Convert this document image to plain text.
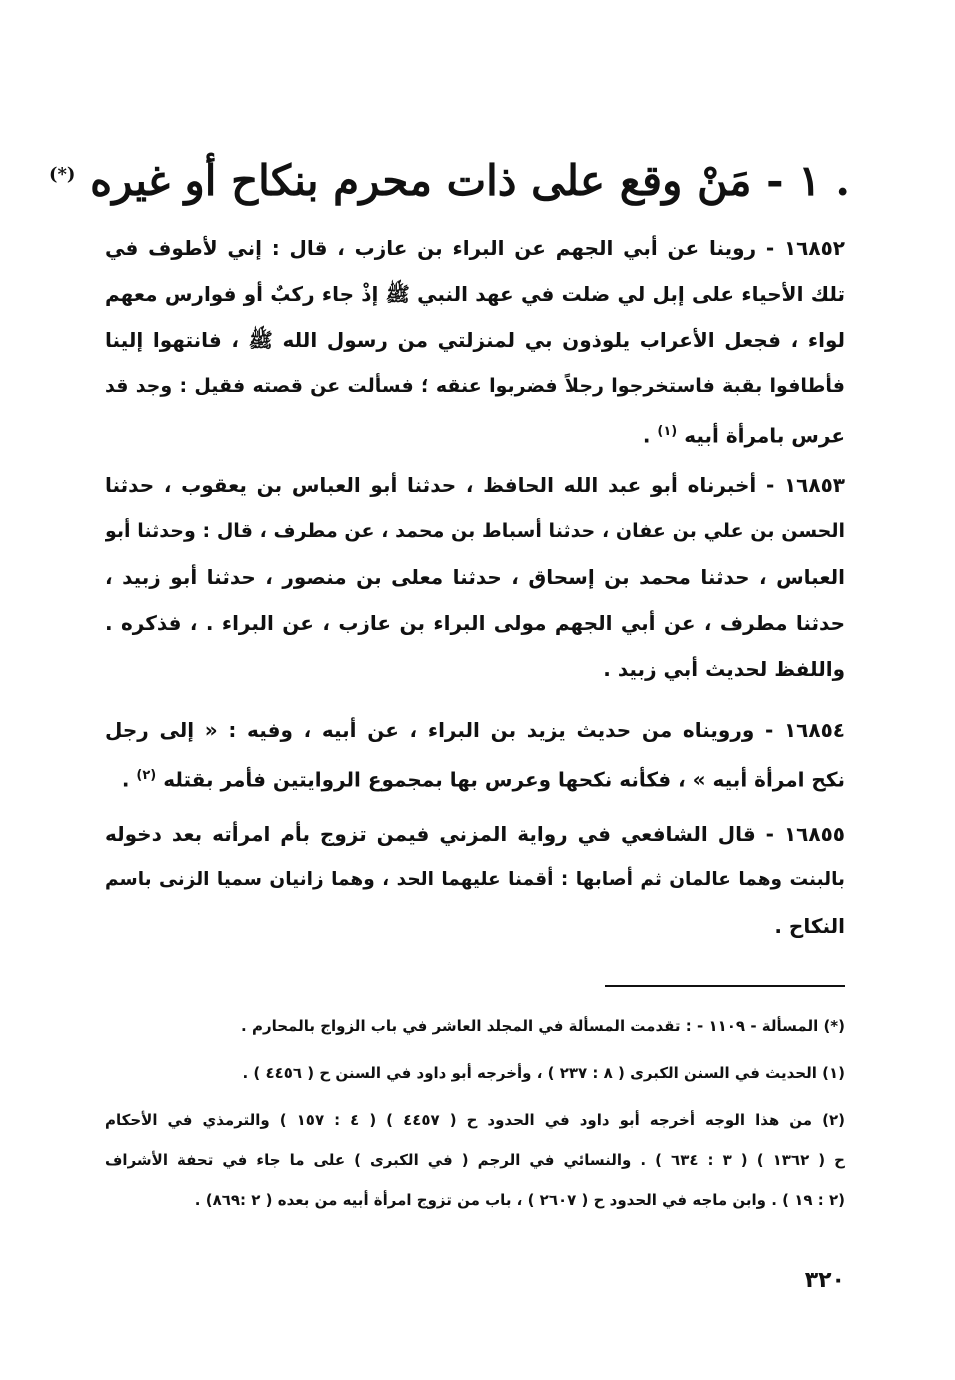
. ١ - مَنْ وقع على ذات محرم بنكاح أو غيره (*)
١٦٨٥٢ - روينا عن أبي الجهم عن البراء بن عازب ، قال : إني لأطوف في
تلك الأحياء على إبل لي ضلت في عهد النبي ﷺ إذْ جاء ركبٌ أو فوارس معهم
لواء ، فجعل الأعراب يلوذون بي لمنزلتي من رسول الله ﷺ ، فانتهوا إلينا
فأطافوا بقبة فاستخرجوا رجلاً فضربوا عنقه ؛ فسألت عن قصته فقيل : وجد قد
عرس بامرأة أبيه $^{(١)}$ .
١٦٨٥٣ - أخبرناه أبو عبد الله الحافظ ، حدثنا أبو العباس بن يعقوب ، حدثنا
الحسن بن علي بن عفان ، حدثنا أسباط بن محمد ، عن مطرف ، قال : وحدثنا أبو
العباس ، حدثنا محمد بن إسحاق ، حدثنا معلى بن منصور ، حدثنا أبو زبيد ،
حدثنا مطرف ، عن أبي الجهم مولى البراء بن عازب ، عن البراء . ، فذكره .
واللفظ لحديث أبي زبيد .
١٦٨٥٤ - ورويناه من حديث يزيد بن البراء ، عن أبيه ، وفيه : « إلى رجل
نكح امرأة أبيه » ، فكأنه نكحها وعرس بها بمجموع الروايتين فأمر بقتله $^{(٢)}$ .
١٦٨٥٥ - قال الشافعي في رواية المزني فيمن تزوج بأم امرأته بعد دخوله
بالبنت وهما عالمان ثم أصابها : أقمنا عليهما الحد ، وهما زانيان سميا الزنى باسم
النكاح .
(*) المسألة - ١١٠٩ - : تقدمت المسألة في المجلد العاشر في باب الزواج بالمحارم .
(١) الحديث في السنن الكبرى ( ٨ : ٢٣٧ ) ، وأخرجه أبو داود في السنن ح ( ٤٤٥٦ ) .
(٢) من هذا الوجه أخرجه أبو داود في الحدود ح ( ٤٤٥٧ ) ( ٤ : ١٥٧ ) والترمذي في الأحكام
ح ( ١٣٦٢ ) ( ٣ : ٦٣٤ ) . والنسائي في الرجم ( في الكبرى ) على ما جاء في تحفة الأشراف
(٢ : ١٩ ) . وابن ماجه في الحدود ح ( ٢٦٠٧ ) ، باب من تزوج امرأة أبيه من بعده ( ٢ :٨٦٩) .
٣٢٠
